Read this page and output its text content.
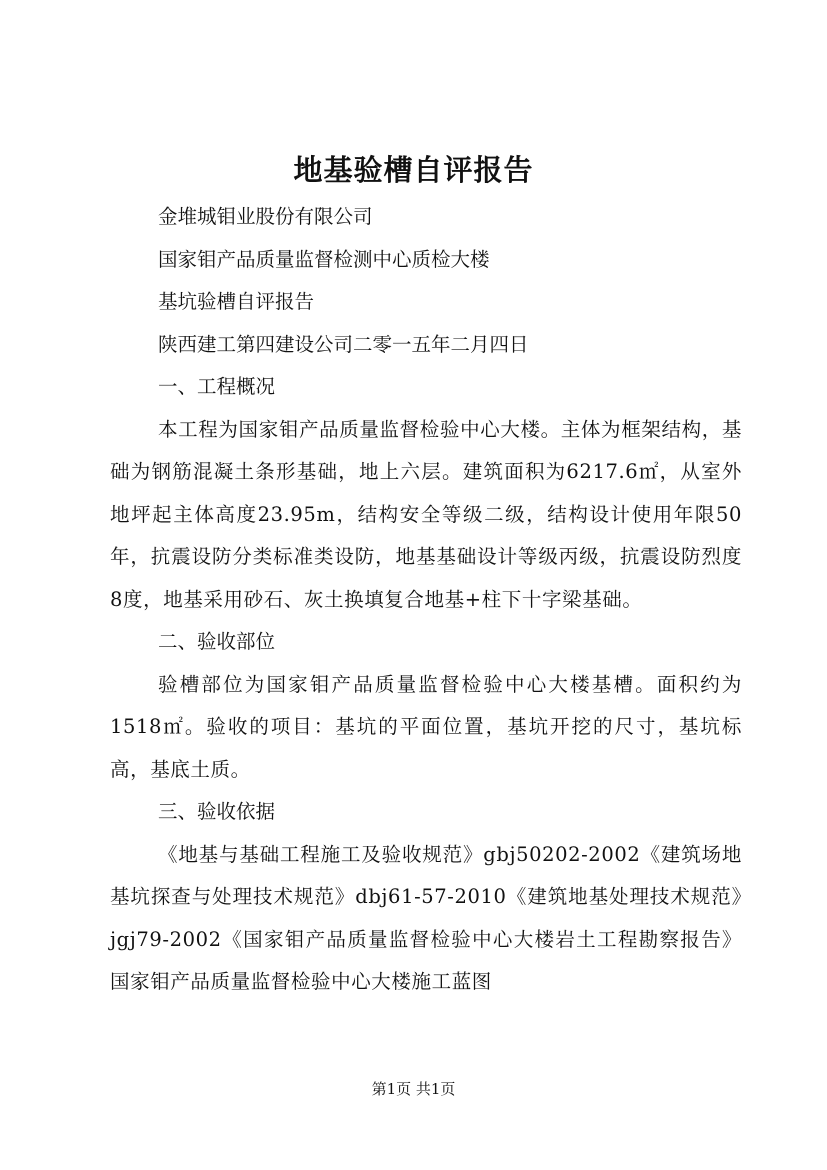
地基验槽自评报告

金堆城钼业股份有限公司

国家钼产品质量监督检测中心质检大楼

基坑验槽自评报告

陕西建工第四建设公司二零一五年二月四日

一、工程概况

本工程为国家钼产品质量监督检验中心大楼。主体为框架结构，基础为钢筋混凝土条形基础，地上六层。建筑面积为6217.6㎡，从室外地坪起主体高度23.95m，结构安全等级二级，结构设计使用年限50年，抗震设防分类标准类设防，地基基础设计等级丙级，抗震设防烈度8度，地基采用砂石、灰土换填复合地基+柱下十字梁基础。

二、验收部位

验槽部位为国家钼产品质量监督检验中心大楼基槽。面积约为1518㎡。验收的项目：基坑的平面位置，基坑开挖的尺寸，基坑标高，基底土质。

三、验收依据

《地基与基础工程施工及验收规范》gbj50202-2002《建筑场地基坑探查与处理技术规范》dbj61-57-2010《建筑地基处理技术规范》jgj79-2002《国家钼产品质量监督检验中心大楼岩土工程勘察报告》国家钼产品质量监督检验中心大楼施工蓝图

第1页 共1页
